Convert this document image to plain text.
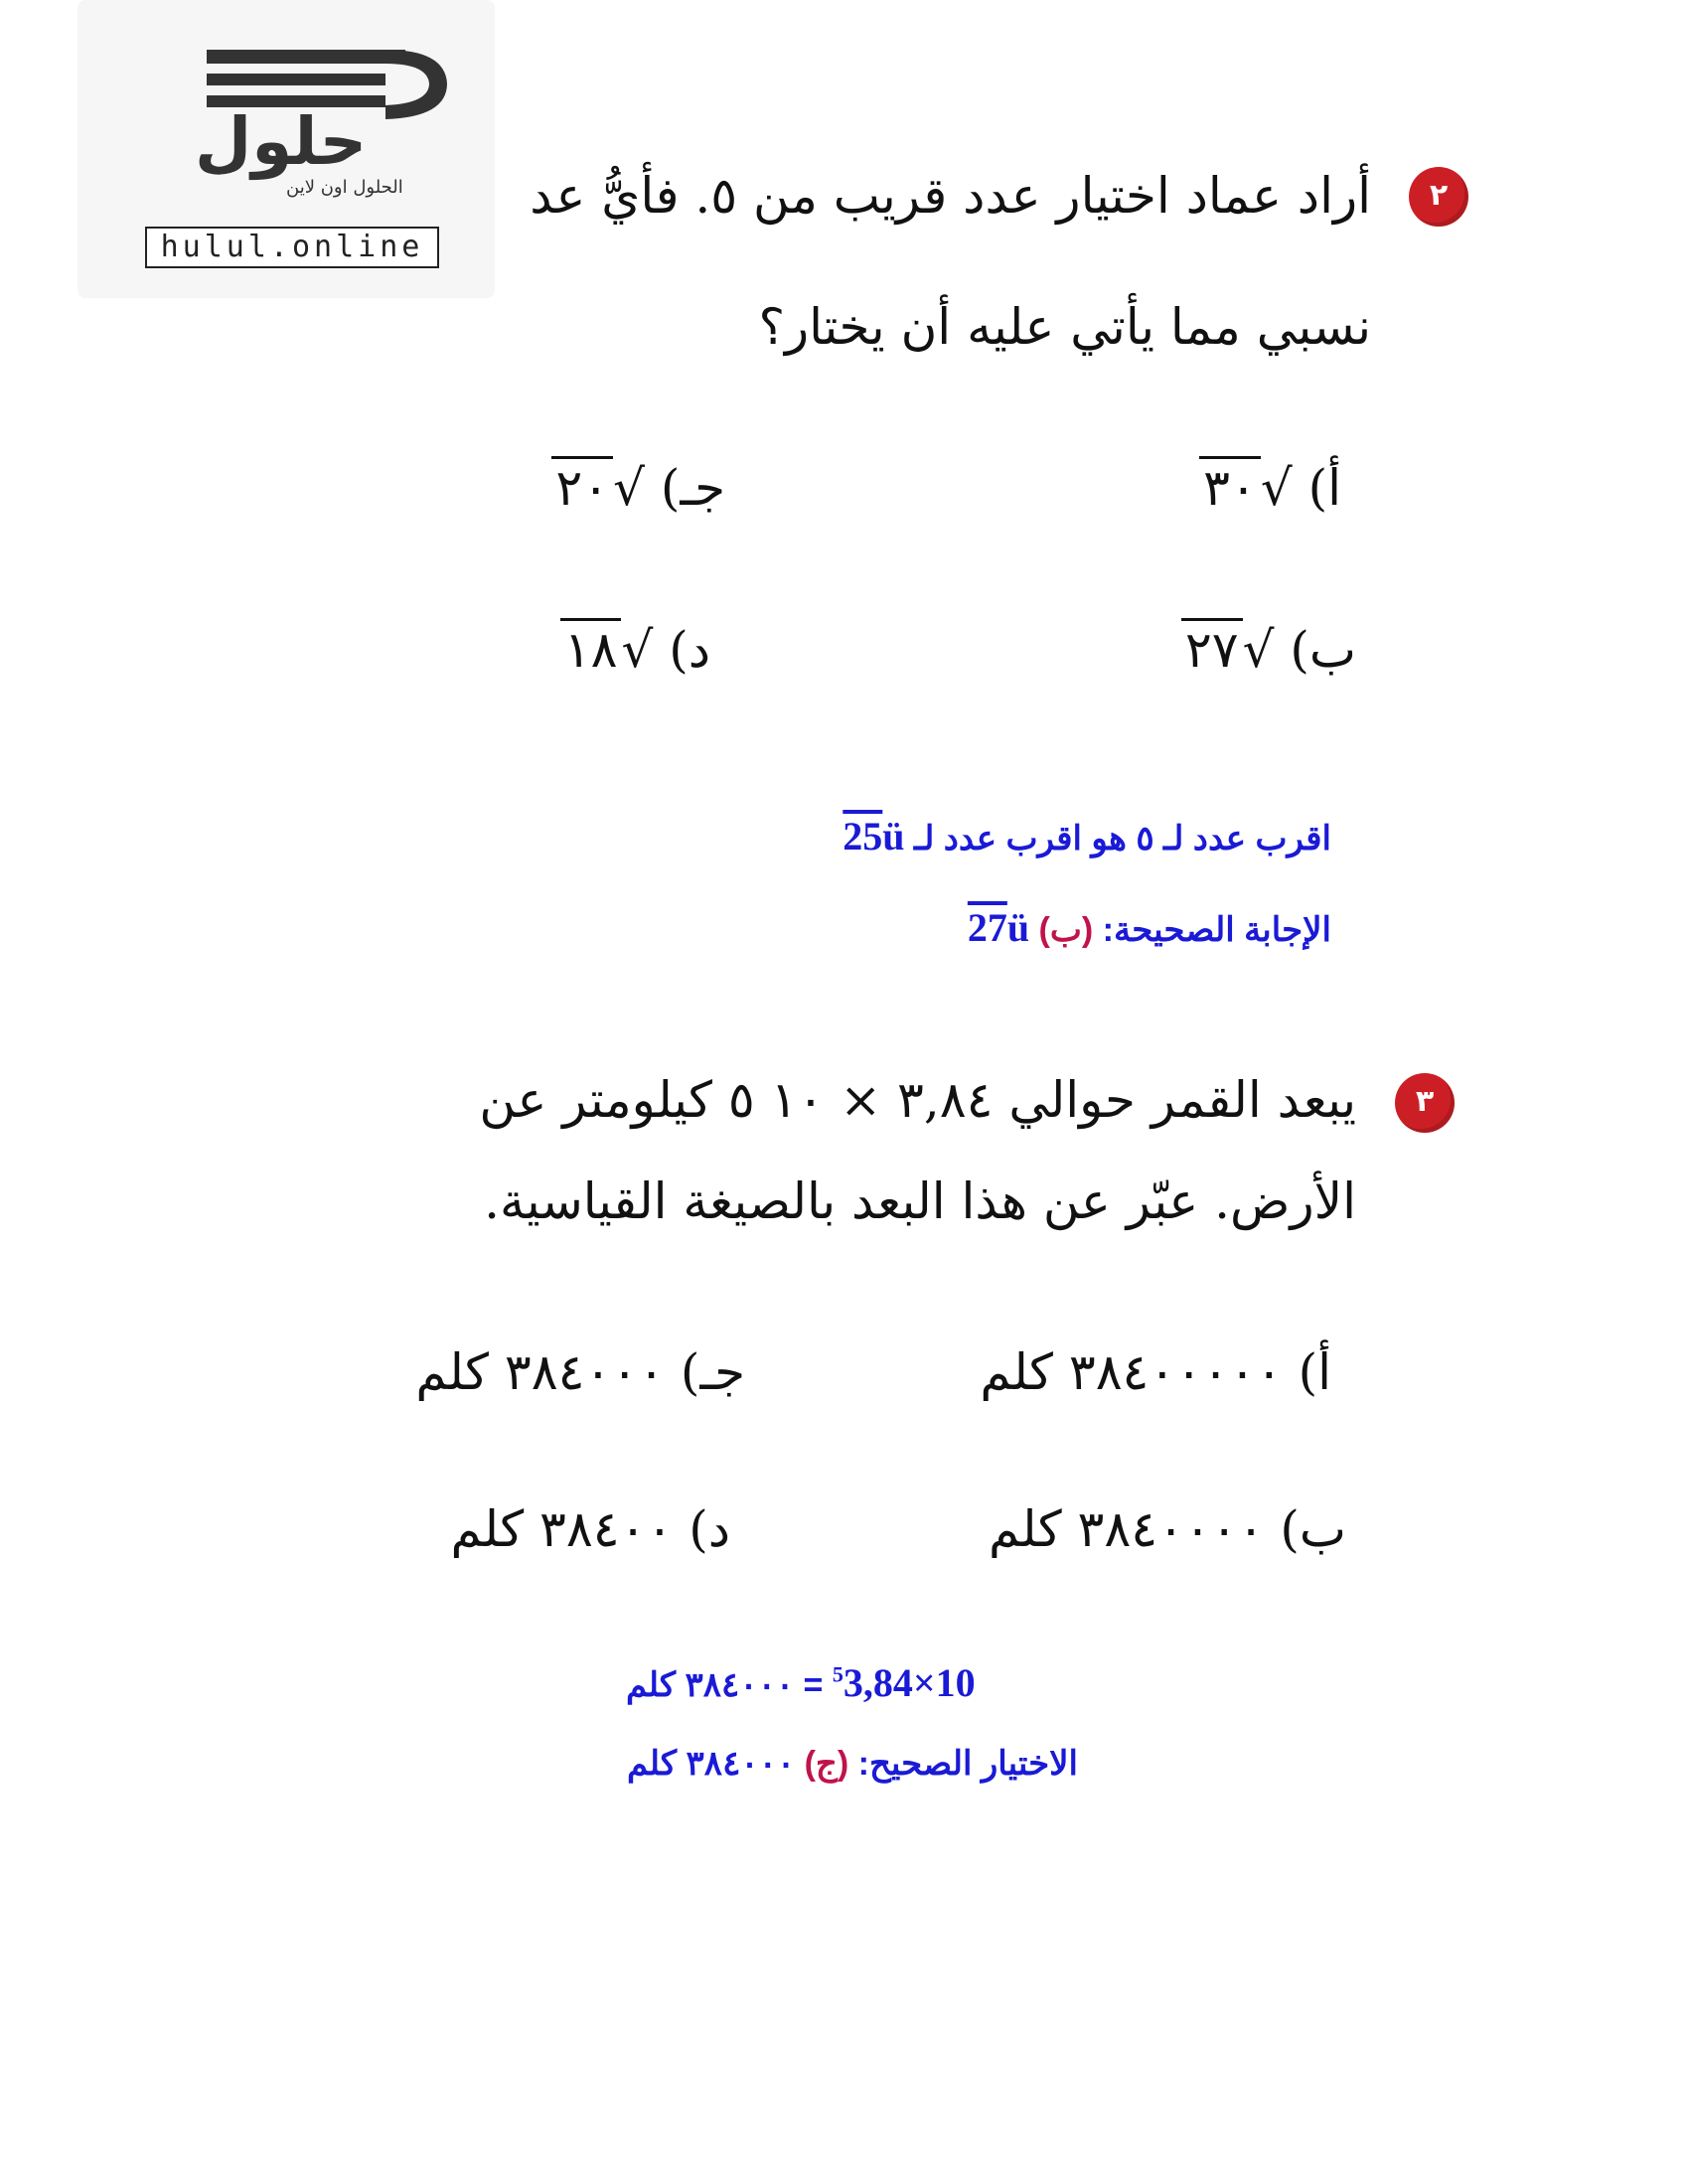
حلول
الحلول اون لاين
hulul.online
٢
أراد عماد اختيار عدد قريب من ٥. فأيُّ عد
نسبي مما يأتي عليه أن يختار؟
أ) √٣٠
جـ) √٢٠
ب) √٢٧
د) √١٨
اقرب عدد لـ ٥ هو اقرب عدد لـ 25ü
الإجابة الصحيحة: (ب) 27ü
٣
يبعد القمر حوالي ٣,٨٤ × ١٠ ٥ كيلومتر عن
الأرض. عبّر عن هذا البعد بالصيغة القياسية.
أ) ٣٨٤٠٠٠٠٠ كلم
جـ) ٣٨٤٠٠٠ كلم
ب) ٣٨٤٠٠٠٠ كلم
د) ٣٨٤٠٠ كلم
= ٣٨٤٠٠٠ كلم $^5$3,84×10
الاختيار الصحيح: (ج) ٣٨٤٠٠٠ كلم
